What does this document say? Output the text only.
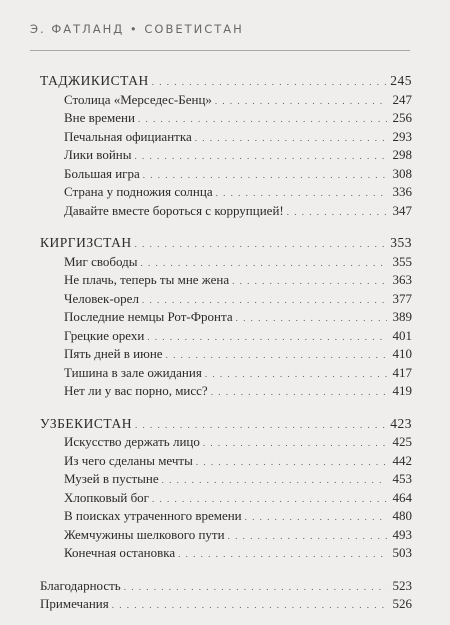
Э. ФАТЛАНД • СОВЕТИСТАН
ТАДЖИКИСТАН . . .	245
Столица «Мерседес-Бенц» . . .	247
Вне времени . . .	256
Печальная официантка . . .	293
Лики войны . . .	298
Большая игра . . .	308
Страна у подножия солнца . . .	336
Давайте вместе бороться с коррупцией! . . .	347
КИРГИЗСТАН . . .	353
Миг свободы . . .	355
Не плачь, теперь ты мне жена . . .	363
Человек-орел . . .	377
Последние немцы Рот-Фронта . . .	389
Грецкие орехи . . .	401
Пять дней в июне . . .	410
Тишина в зале ожидания . . .	417
Нет ли у вас порно, мисс? . . .	419
УЗБЕКИСТАН . . .	423
Искусство держать лицо . . .	425
Из чего сделаны мечты . . .	442
Музей в пустыне . . .	453
Хлопковый бог . . .	464
В поисках утраченного времени . . .	480
Жемчужины шелкового пути . . .	493
Конечная остановка . . .	503
Благодарность . . .	523
Примечания . . .	526
